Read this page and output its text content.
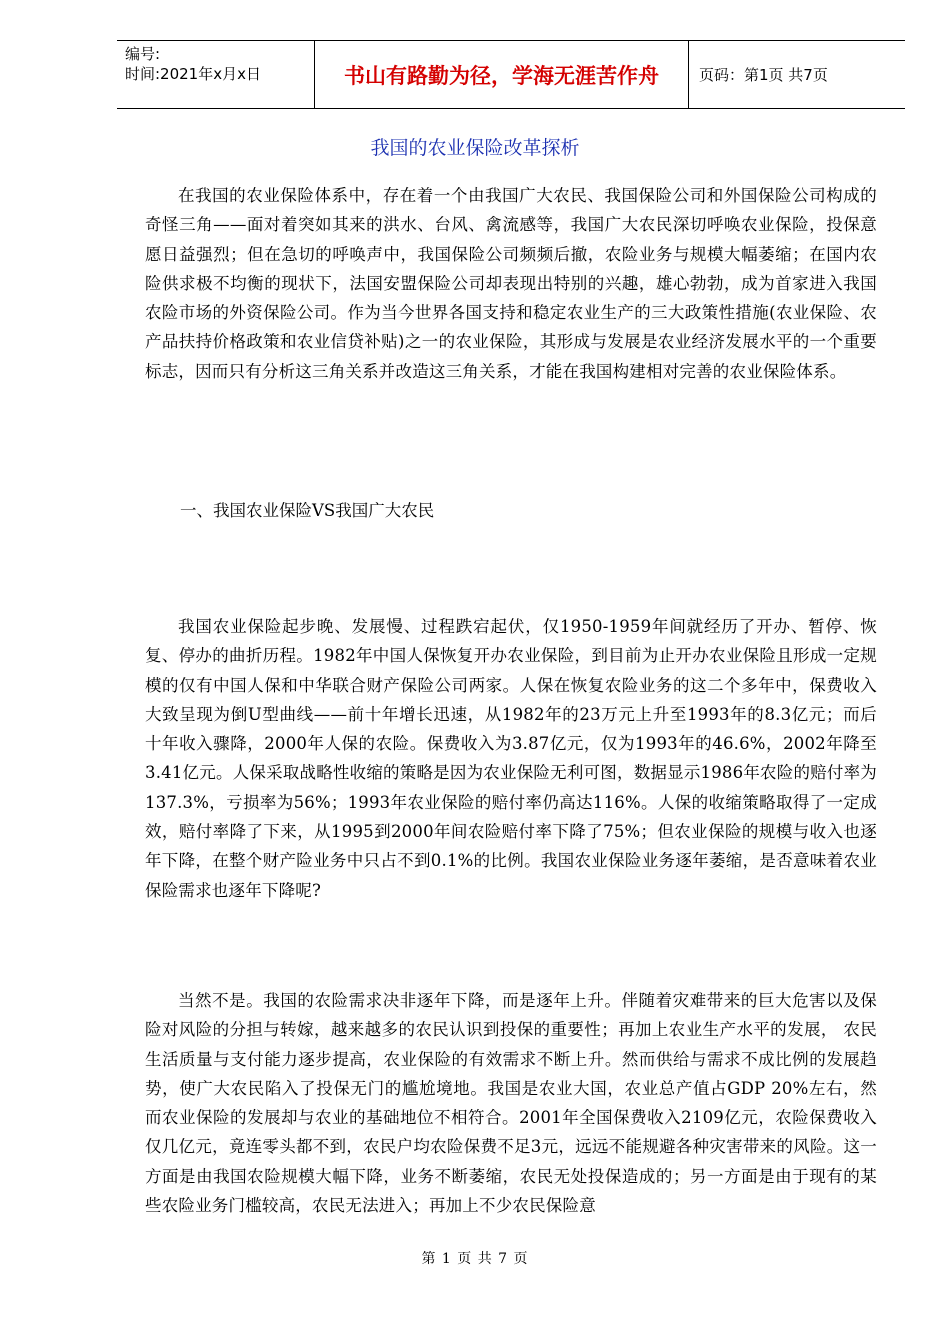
编号:
时间:2021年x月x日	书山有路勤为径，学海无涯苦作舟	页码：第1页 共7页
我国的农业保险改革探析
在我国的农业保险体系中，存在着一个由我国广大农民、我国保险公司和外国保险公司构成的奇怪三角——面对着突如其来的洪水、台风、禽流感等，我国广大农民深切呼唤农业保险，投保意愿日益强烈；但在急切的呼唤声中，我国保险公司频频后撤，农险业务与规模大幅萎缩；在国内农险供求极不均衡的现状下，法国安盟保险公司却表现出特别的兴趣，雄心勃勃，成为首家进入我国农险市场的外资保险公司。作为当今世界各国支持和稳定农业生产的三大政策性措施(农业保险、农产品扶持价格政策和农业信贷补贴)之一的农业保险，其形成与发展是农业经济发展水平的一个重要标志，因而只有分析这三角关系并改造这三角关系，才能在我国构建相对完善的农业保险体系。
一、我国农业保险VS我国广大农民
我国农业保险起步晚、发展慢、过程跌宕起伏，仅1950-1959年间就经历了开办、暂停、恢复、停办的曲折历程。1982年中国人保恢复开办农业保险，到目前为止开办农业保险且形成一定规模的仅有中国人保和中华联合财产保险公司两家。人保在恢复农险业务的这二个多年中，保费收入大致呈现为倒U型曲线——前十年增长迅速，从1982年的23万元上升至1993年的8.3亿元；而后十年收入骤降，2000年人保的农险。保费收入为3.87亿元，仅为1993年的46.6%，2002年降至3.41亿元。人保采取战略性收缩的策略是因为农业保险无利可图，数据显示1986年农险的赔付率为137.3%，亏损率为56%；1993年农业保险的赔付率仍高达116%。人保的收缩策略取得了一定成效，赔付率降了下来，从1995到2000年间农险赔付率下降了75%；但农业保险的规模与收入也逐年下降，在整个财产险业务中只占不到0.1%的比例。我国农业保险业务逐年萎缩，是否意味着农业保险需求也逐年下降呢?
当然不是。我国的农险需求决非逐年下降，而是逐年上升。伴随着灾难带来的巨大危害以及保险对风险的分担与转嫁，越来越多的农民认识到投保的重要性；再加上农业生产水平的发展， 农民生活质量与支付能力逐步提高，农业保险的有效需求不断上升。然而供给与需求不成比例的发展趋势，使广大农民陷入了投保无门的尴尬境地。我国是农业大国，农业总产值占GDP 20%左右，然而农业保险的发展却与农业的基础地位不相符合。2001年全国保费收入2109亿元，农险保费收入仅几亿元，竟连零头都不到，农民户均农险保费不足3元，远远不能规避各种灾害带来的风险。这一方面是由我国农险规模大幅下降，业务不断萎缩，农民无处投保造成的；另一方面是由于现有的某些农险业务门槛较高，农民无法进入；再加上不少农民保险意
第 1 页 共 7 页
